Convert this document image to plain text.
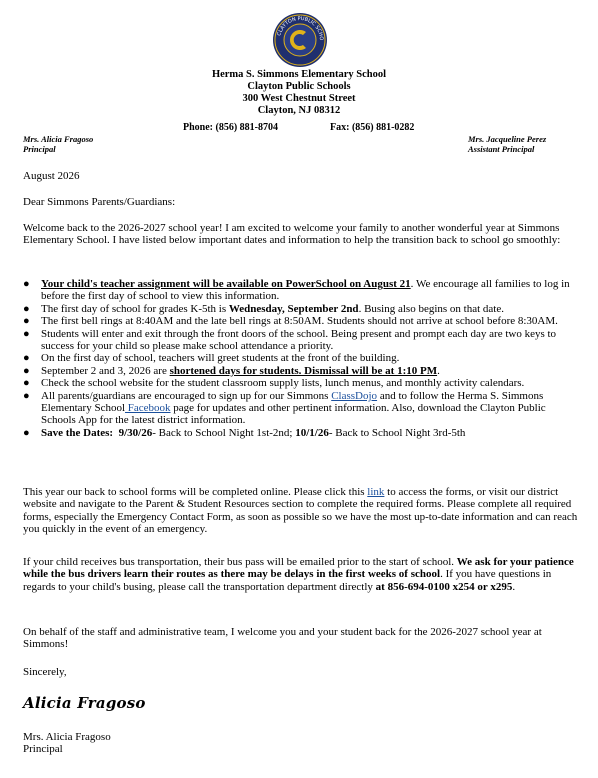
CLAYTON PUBLIC SCHO
Herma S. Simmons Elementary School
Clayton Public Schools
300 West Chestnut Street
Clayton, NJ 08312
Phone: (856) 881-8704	Fax: (856) 881-0282
Mrs. Alicia Fragoso
Principal
Mrs. Jacqueline Perez
Assistant Principal
August 2026
Dear Simmons Parents/Guardians:
Welcome back to the 2026-2027 school year! I am excited to welcome your family to another wonderful year at Simmons Elementary School. I have listed below important dates and information to help the transition back to school go smoothly:
● Your child's teacher assignment will be available on PowerSchool on August 21. We encourage all families to log in before the first day of school to view this information.
● The first day of school for grades K-5th is Wednesday, September 2nd. Busing also begins on that date.
● The first bell rings at 8:40AM and the late bell rings at 8:50AM. Students should not arrive at school before 8:30AM.
● Students will enter and exit through the front doors of the school. Being present and prompt each day are two keys to success for your child so please make school attendance a priority.
● On the first day of school, teachers will greet students at the front of the building.
● September 2 and 3, 2026 are shortened days for students. Dismissal will be at 1:10 PM.
● Check the school website for the student classroom supply lists, lunch menus, and monthly activity calendars.
● All parents/guardians are encouraged to sign up for our Simmons ClassDojo and to follow the Herma S. Simmons Elementary School Facebook page for updates and other pertinent information. Also, download the Clayton Public Schools App for the latest district information.
● Save the Dates: 9/30/26- Back to School Night 1st-2nd; 10/1/26- Back to School Night 3rd-5th
This year our back to school forms will be completed online. Please click this link to access the forms, or visit our district website and navigate to the Parent & Student Resources section to complete the required forms. Please complete all required forms, especially the Emergency Contact Form, as soon as possible so we have the most up-to-date information and can reach you quickly in the event of an emergency.
If your child receives bus transportation, their bus pass will be emailed prior to the start of school. We ask for your patience while the bus drivers learn their routes as there may be delays in the first weeks of school. If you have questions in regards to your child's busing, please call the transportation department directly at 856-694-0100 x254 or x295.
On behalf of the staff and administrative team, I welcome you and your student back for the 2026-2027 school year at Simmons!
Sincerely,
Alicia Fragoso
Mrs. Alicia Fragoso
Principal
